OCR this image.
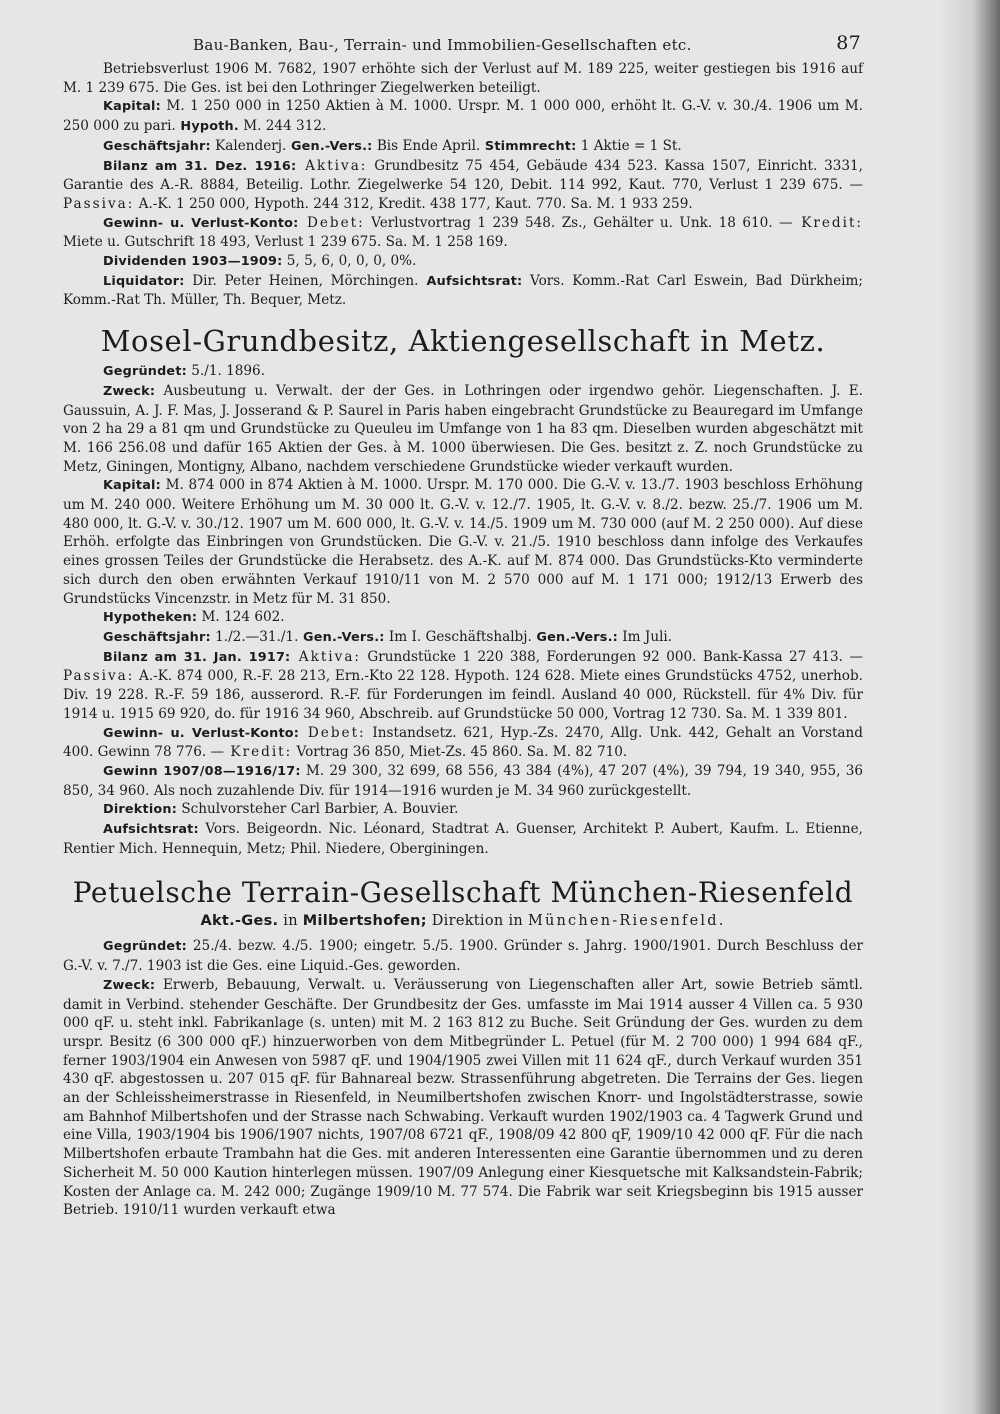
Bau-Banken, Bau-, Terrain- und Immobilien-Gesellschaften etc.	87

Betriebsverlust 1906 M. 7682, 1907 erhöhte sich der Verlust auf M. 189 225, weiter gestiegen bis 1916 auf M. 1 239 675. Die Ges. ist bei den Lothringer Ziegelwerken beteiligt.

Kapital: M. 1 250 000 in 1250 Aktien à M. 1000. Urspr. M. 1 000 000, erhöht lt. G.-V. v. 30./4. 1906 um M. 250 000 zu pari. Hypoth. M. 244 312.

Geschäftsjahr: Kalenderj. Gen.-Vers.: Bis Ende April. Stimmrecht: 1 Aktie = 1 St.

Bilanz am 31. Dez. 1916: Aktiva: Grundbesitz 75 454, Gebäude 434 523. Kassa 1507, Einricht. 3331, Garantie des A.-R. 8884, Beteilig. Lothr. Ziegelwerke 54 120, Debit. 114 992, Kaut. 770, Verlust 1 239 675. — Passiva: A.-K. 1 250 000, Hypoth. 244 312, Kredit. 438 177, Kaut. 770. Sa. M. 1 933 259.

Gewinn- u. Verlust-Konto: Debet: Verlustvortrag 1 239 548. Zs., Gehälter u. Unk. 18 610. — Kredit: Miete u. Gutschrift 18 493, Verlust 1 239 675. Sa. M. 1 258 169.

Dividenden 1903—1909: 5, 5, 6, 0, 0, 0, 0%.

Liquidator: Dir. Peter Heinen, Mörchingen. Aufsichtsrat: Vors. Komm.-Rat Carl Eswein, Bad Dürkheim; Komm.-Rat Th. Müller, Th. Bequer, Metz.

Mosel-Grundbesitz, Aktiengesellschaft in Metz.

Gegründet: 5./1. 1896.

Zweck: Ausbeutung u. Verwalt. der der Ges. in Lothringen oder irgendwo gehör. Liegenschaften. J. E. Gaussuin, A. J. F. Mas, J. Josserand & P. Saurel in Paris haben eingebracht Grundstücke zu Beauregard im Umfange von 2 ha 29 a 81 qm und Grundstücke zu Queuleu im Umfange von 1 ha 83 qm. Dieselben wurden abgeschätzt mit M. 166 256.08 und dafür 165 Aktien der Ges. à M. 1000 überwiesen. Die Ges. besitzt z. Z. noch Grundstücke zu Metz, Giningen, Montigny, Albano, nachdem verschiedene Grundstücke wieder verkauft wurden.

Kapital: M. 874 000 in 874 Aktien à M. 1000. Urspr. M. 170 000. Die G.-V. v. 13./7. 1903 beschloss Erhöhung um M. 240 000. Weitere Erhöhung um M. 30 000 lt. G.-V. v. 12./7. 1905, lt. G.-V. v. 8./2. bezw. 25./7. 1906 um M. 480 000, lt. G.-V. v. 30./12. 1907 um M. 600 000, lt. G.-V. v. 14./5. 1909 um M. 730 000 (auf M. 2 250 000). Auf diese Erhöh. erfolgte das Einbringen von Grundstücken. Die G.-V. v. 21./5. 1910 beschloss dann infolge des Verkaufes eines grossen Teiles der Grundstücke die Herabsetz. des A.-K. auf M. 874 000. Das Grundstücks-Kto verminderte sich durch den oben erwähnten Verkauf 1910/11 von M. 2 570 000 auf M. 1 171 000; 1912/13 Erwerb des Grundstücks Vincenzstr. in Metz für M. 31 850.

Hypotheken: M. 124 602.

Geschäftsjahr: 1./2.—31./1. Gen.-Vers.: Im I. Geschäftshalbj. Gen.-Vers.: Im Juli.

Bilanz am 31. Jan. 1917: Aktiva: Grundstücke 1 220 388, Forderungen 92 000. Bank-Kassa 27 413. — Passiva: A.-K. 874 000, R.-F. 28 213, Ern.-Kto 22 128. Hypoth. 124 628. Miete eines Grundstücks 4752, unerhob. Div. 19 228. R.-F. 59 186, ausserord. R.-F. für Forderungen im feindl. Ausland 40 000, Rückstell. für 4% Div. für 1914 u. 1915 69 920, do. für 1916 34 960, Abschreib. auf Grundstücke 50 000, Vortrag 12 730. Sa. M. 1 339 801.

Gewinn- u. Verlust-Konto: Debet: Instandsetz. 621, Hyp.-Zs. 2470, Allg. Unk. 442, Gehalt an Vorstand 400. Gewinn 78 776. — Kredit: Vortrag 36 850, Miet-Zs. 45 860. Sa. M. 82 710.

Gewinn 1907/08—1916/17: M. 29 300, 32 699, 68 556, 43 384 (4%), 47 207 (4%), 39 794, 19 340, 955, 36 850, 34 960. Als noch zuzahlende Div. für 1914—1916 wurden je M. 34 960 zurückgestellt.

Direktion: Schulvorsteher Carl Barbier, A. Bouvier.

Aufsichtsrat: Vors. Beigeordn. Nic. Léonard, Stadtrat A. Guenser, Architekt P. Aubert, Kaufm. L. Etienne, Rentier Mich. Hennequin, Metz; Phil. Niedere, Oberginingen.

Petuelsche Terrain-Gesellschaft München-Riesenfeld
Akt.-Ges. in Milbertshofen; Direktion in München-Riesenfeld.

Gegründet: 25./4. bezw. 4./5. 1900; eingetr. 5./5. 1900. Gründer s. Jahrg. 1900/1901. Durch Beschluss der G.-V. v. 7./7. 1903 ist die Ges. eine Liquid.-Ges. geworden.

Zweck: Erwerb, Bebauung, Verwalt. u. Veräusserung von Liegenschaften aller Art, sowie Betrieb sämtl. damit in Verbind. stehender Geschäfte. Der Grundbesitz der Ges. umfasste im Mai 1914 ausser 4 Villen ca. 5 930 000 qF. u. steht inkl. Fabrikanlage (s. unten) mit M. 2 163 812 zu Buche. Seit Gründung der Ges. wurden zu dem urspr. Besitz (6 300 000 qF.) hinzuerworben von dem Mitbegründer L. Petuel (für M. 2 700 000) 1 994 684 qF., ferner 1903/1904 ein Anwesen von 5987 qF. und 1904/1905 zwei Villen mit 11 624 qF., durch Verkauf wurden 351 430 qF. abgestossen u. 207 015 qF. für Bahnareal bezw. Strassenführung abgetreten. Die Terrains der Ges. liegen an der Schleissheimerstrasse in Riesenfeld, in Neumilbertshofen zwischen Knorr- und Ingolstädterstrasse, sowie am Bahnhof Milbertshofen und der Strasse nach Schwabing. Verkauft wurden 1902/1903 ca. 4 Tagwerk Grund und eine Villa, 1903/1904 bis 1906/1907 nichts, 1907/08 6721 qF., 1908/09 42 800 qF, 1909/10 42 000 qF. Für die nach Milbertshofen erbaute Trambahn hat die Ges. mit anderen Interessenten eine Garantie übernommen und zu deren Sicherheit M. 50 000 Kaution hinterlegen müssen. 1907/09 Anlegung einer Kiesquetsche mit Kalksandstein-Fabrik; Kosten der Anlage ca. M. 242 000; Zugänge 1909/10 M. 77 574. Die Fabrik war seit Kriegsbeginn bis 1915 ausser Betrieb. 1910/11 wurden verkauft etwa
